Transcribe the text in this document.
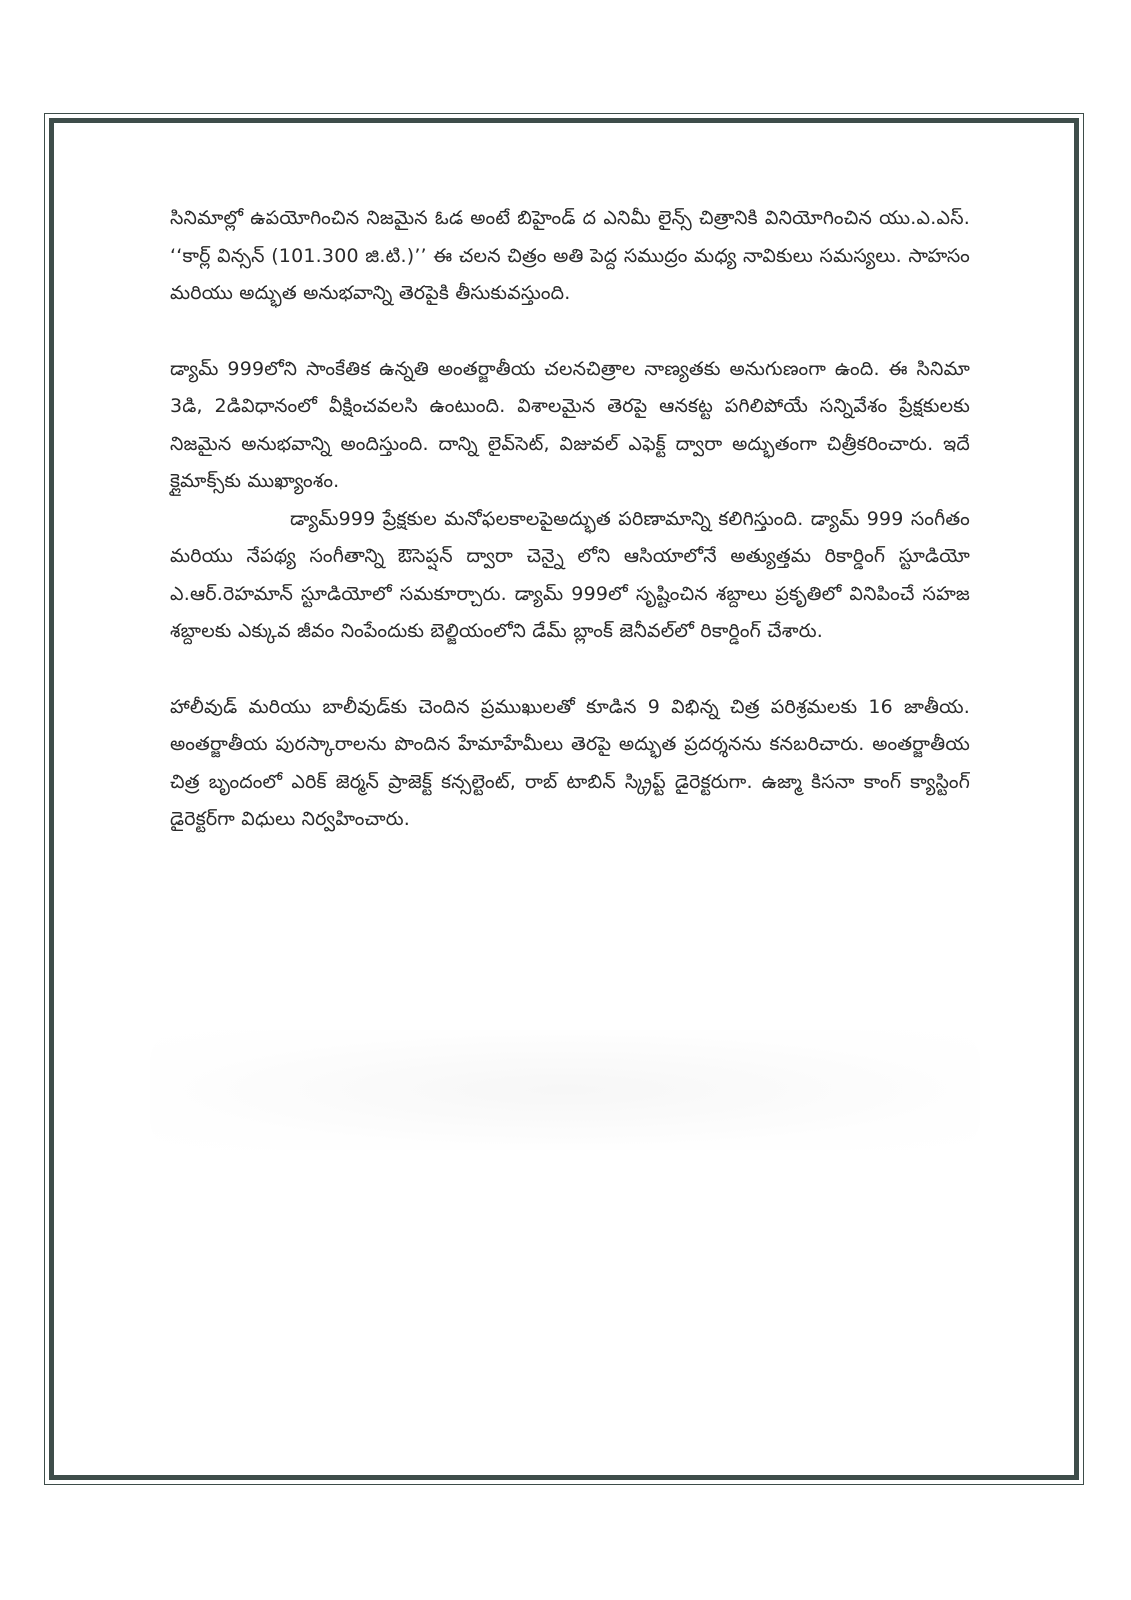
సినిమాల్లో ఉపయోగించిన నిజమైన ఓడ అంటే బిహైండ్ ద ఎనిమీ లైన్స్ చిత్రానికి వినియోగించిన యు.ఎ.ఎస్. ‘‘కార్ల్ విన్సన్ (101.300 జి.టి.)’’ ఈ చలన చిత్రం అతి పెద్ద సముద్రం మధ్య నావికులు సమస్యలు. సాహసం మరియు అద్భుత అనుభవాన్ని తెరపైకి తీసుకువస్తుంది.

డ్యామ్ 999లోని సాంకేతిక ఉన్నతి అంతర్జాతీయ చలనచిత్రాల నాణ్యతకు అనుగుణంగా ఉంది. ఈ సినిమా 3డి, 2డివిధానంలో వీక్షించవలసి ఉంటుంది. విశాలమైన తెరపై ఆనకట్ట పగిలిపోయే సన్నివేశం ప్రేక్షకులకు నిజమైన అనుభవాన్ని అందిస్తుంది. దాన్ని లైవ్‌సెట్, విజువల్ ఎఫెక్ట్ ద్వారా అద్భుతంగా చిత్రీకరించారు. ఇదే క్లైమాక్స్‌కు ముఖ్యాంశం.

డ్యామ్999 ప్రేక్షకుల మనోఫలకాలపైఅద్భుత పరిణామాన్ని కలిగిస్తుంది. డ్యామ్ 999 సంగీతం మరియు నేపథ్య సంగీతాన్ని ఔసెప్షన్ ద్వారా చెన్నై లోని ఆసియాలోనే అత్యుత్తమ రికార్డింగ్ స్టూడియో ఎ.ఆర్.రెహమాన్ స్టూడియోలో సమకూర్చారు. డ్యామ్ 999లో సృష్టించిన శబ్దాలు ప్రకృతిలో వినిపించే సహజ శబ్దాలకు ఎక్కువ జీవం నింపేందుకు బెల్జియంలోని డేమ్ బ్లాంక్ జెనీవల్‌లో రికార్డింగ్ చేశారు.

హాలీవుడ్ మరియు బాలీవుడ్‌కు చెందిన ప్రముఖులతో కూడిన 9 విభిన్న చిత్ర పరిశ్రమలకు 16 జాతీయ. అంతర్జాతీయ పురస్కారాలను పొందిన హేమాహేమీలు తెరపై అద్భుత ప్రదర్శనను కనబరిచారు. అంతర్జాతీయ చిత్ర బృందంలో ఎరిక్ జెర్మన్ ప్రాజెక్ట్ కన్సల్టెంట్, రాబ్ టాబిన్ స్క్రిప్ట్ డైరెక్టరుగా. ఉజ్మా కిసనా కాంగ్ క్యాస్టింగ్ డైరెక్టర్‌గా విధులు నిర్వహించారు.
